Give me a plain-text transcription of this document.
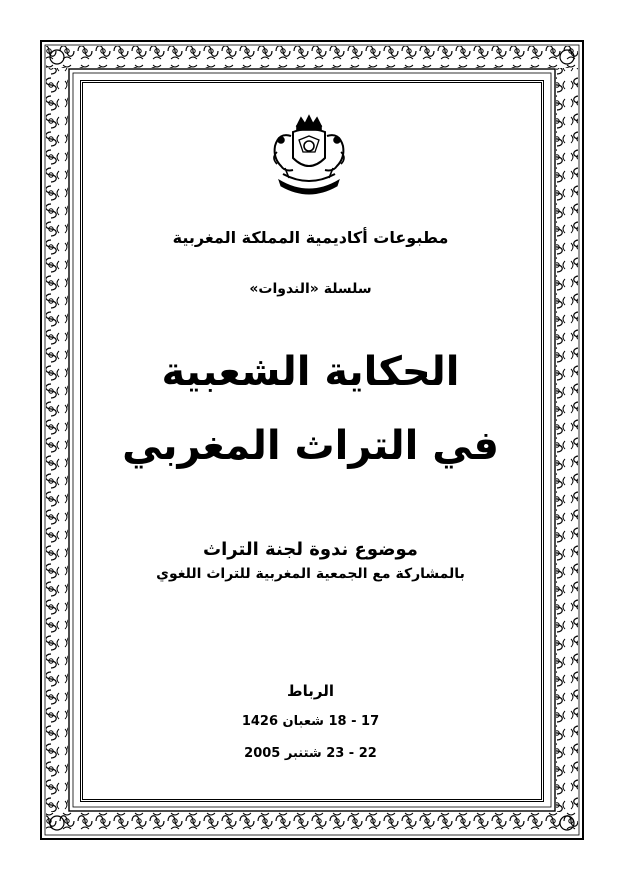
مطبوعات أكاديمية المملكة المغربية
سلسلة «الندوات»
الحكاية الشعبية
في التراث المغربي
موضوع ندوة لجنة التراث
بالمشاركة مع الجمعية المغربية للتراث اللغوي
الرباط
17 - 18 شعبان 1426
22 - 23 شتنبر 2005
